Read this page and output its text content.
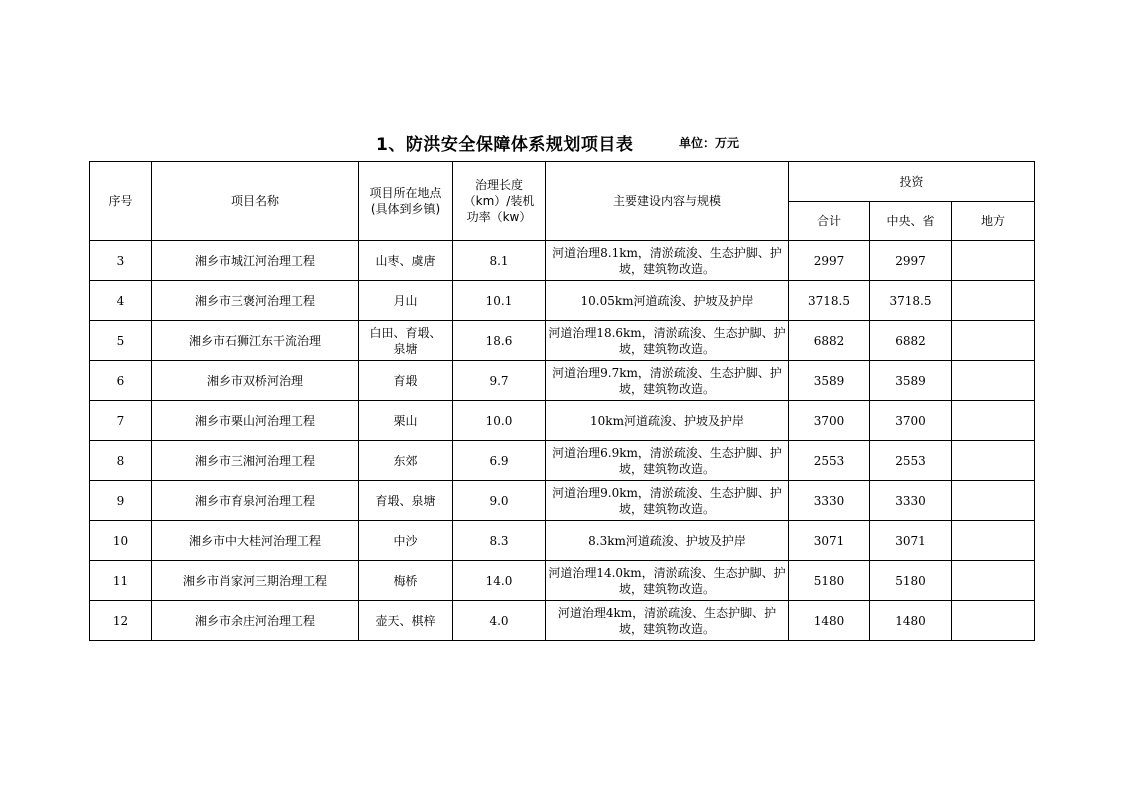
1、防洪安全保障体系规划项目表	单位：万元
序号	项目名称	项目所在地点(具体到乡镇)	治理长度（km）/装机功率（kw）	主要建设内容与规模	投资		
					合计	中央、省	地方
3	湘乡市城江河治理工程	山枣、虞唐	8.1	河道治理8.1km，清淤疏浚、生态护脚、护坡，建筑物改造。	2997	2997	
4	湘乡市三褒河治理工程	月山	10.1	10.05km河道疏浚、护坡及护岸	3718.5	3718.5	
5	湘乡市石狮江东干流治理	白田、育塅、泉塘	18.6	河道治理18.6km，清淤疏浚、生态护脚、护坡，建筑物改造。	6882	6882	
6	湘乡市双桥河治理	育塅	9.7	河道治理9.7km，清淤疏浚、生态护脚、护坡，建筑物改造。	3589	3589	
7	湘乡市栗山河治理工程	栗山	10.0	10km河道疏浚、护坡及护岸	3700	3700	
8	湘乡市三湘河治理工程	东郊	6.9	河道治理6.9km，清淤疏浚、生态护脚、护坡，建筑物改造。	2553	2553	
9	湘乡市育泉河治理工程	育塅、泉塘	9.0	河道治理9.0km，清淤疏浚、生态护脚、护坡，建筑物改造。	3330	3330	
10	湘乡市中大桂河治理工程	中沙	8.3	8.3km河道疏浚、护坡及护岸	3071	3071	
11	湘乡市肖家河三期治理工程	梅桥	14.0	河道治理14.0km，清淤疏浚、生态护脚、护坡，建筑物改造。	5180	5180	
12	湘乡市余庄河治理工程	壶天、棋梓	4.0	河道治理4km，清淤疏浚、生态护脚、护坡，建筑物改造。	1480	1480	
